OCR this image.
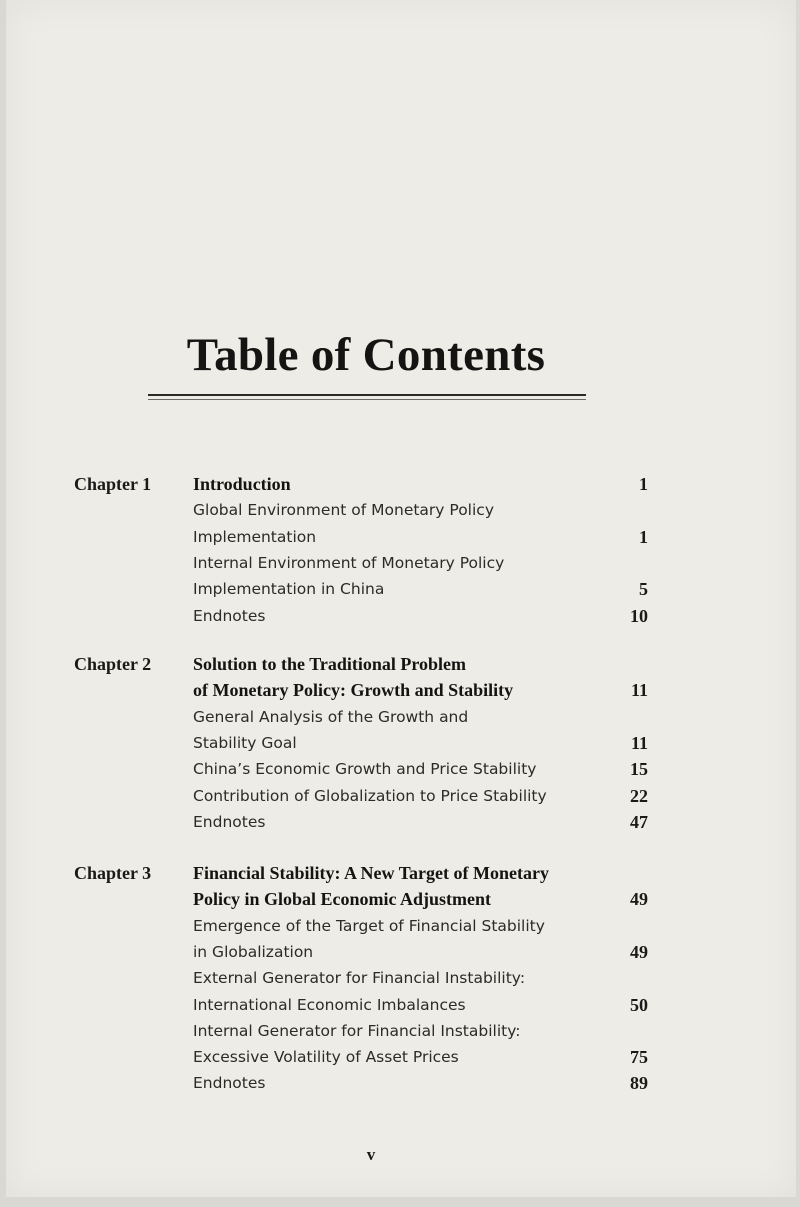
Table of Contents
Chapter 1 Introduction	1
Global Environment of Monetary Policy
Implementation	1
Internal Environment of Monetary Policy
Implementation in China	5
Endnotes	10
Chapter 2 Solution to the Traditional Problem
of Monetary Policy: Growth and Stability	11
General Analysis of the Growth and
Stability Goal	11
China’s Economic Growth and Price Stability	15
Contribution of Globalization to Price Stability	22
Endnotes	47
Chapter 3 Financial Stability: A New Target of Monetary
Policy in Global Economic Adjustment	49
Emergence of the Target of Financial Stability
in Globalization	49
External Generator for Financial Instability:
International Economic Imbalances	50
Internal Generator for Financial Instability:
Excessive Volatility of Asset Prices	75
Endnotes	89
v
